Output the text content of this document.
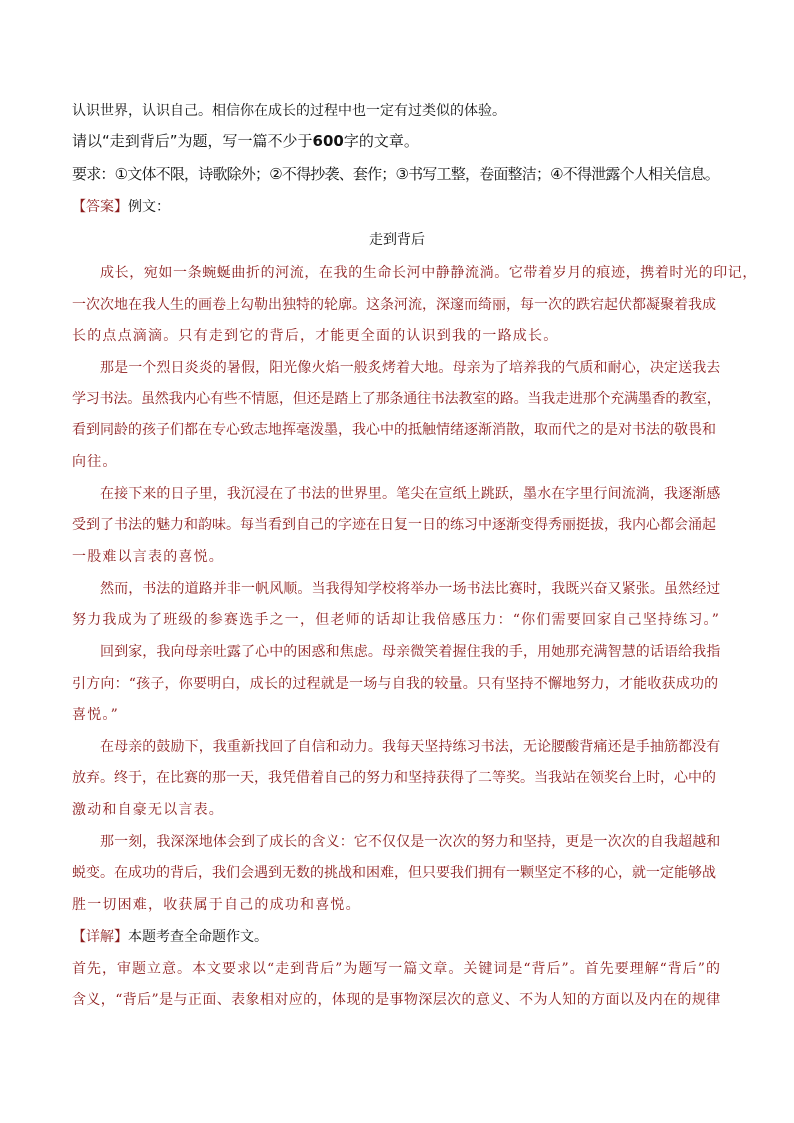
认识世界，认识自己。相信你在成长的过程中也一定有过类似的体验。
请以“走到背后”为题，写一篇不少于600字的文章。
要求：①文体不限，诗歌除外；②不得抄袭、套作；③书写工整，卷面整洁；④不得泄露个人相关信息。
【答案】例文：
走到背后
成长，宛如一条蜿蜒曲折的河流，在我的生命长河中静静流淌。它带着岁月的痕迹，携着时光的印记，
一次次地在我人生的画卷上勾勒出独特的轮廓。这条河流，深邃而绮丽，每一次的跌宕起伏都凝聚着我成
长的点点滴滴。只有走到它的背后，才能更全面的认识到我的一路成长。
那是一个烈日炎炎的暑假，阳光像火焰一般炙烤着大地。母亲为了培养我的气质和耐心，决定送我去
学习书法。虽然我内心有些不情愿，但还是踏上了那条通往书法教室的路。当我走进那个充满墨香的教室，
看到同龄的孩子们都在专心致志地挥毫泼墨，我心中的抵触情绪逐渐消散，取而代之的是对书法的敬畏和
向往。
在接下来的日子里，我沉浸在了书法的世界里。笔尖在宣纸上跳跃，墨水在字里行间流淌，我逐渐感
受到了书法的魅力和韵味。每当看到自己的字迹在日复一日的练习中逐渐变得秀丽挺拔，我内心都会涌起
一股难以言表的喜悦。
然而，书法的道路并非一帆风顺。当我得知学校将举办一场书法比赛时，我既兴奋又紧张。虽然经过
努力我成为了班级的参赛选手之一，但老师的话却让我倍感压力：“你们需要回家自己坚持练习。”
回到家，我向母亲吐露了心中的困惑和焦虑。母亲微笑着握住我的手，用她那充满智慧的话语给我指
引方向：“孩子，你要明白，成长的过程就是一场与自我的较量。只有坚持不懈地努力，才能收获成功的
喜悦。”
在母亲的鼓励下，我重新找回了自信和动力。我每天坚持练习书法，无论腰酸背痛还是手抽筋都没有
放弃。终于，在比赛的那一天，我凭借着自己的努力和坚持获得了二等奖。当我站在领奖台上时，心中的
激动和自豪无以言表。
那一刻，我深深地体会到了成长的含义：它不仅仅是一次次的努力和坚持，更是一次次的自我超越和
蜕变。在成功的背后，我们会遇到无数的挑战和困难，但只要我们拥有一颗坚定不移的心，就一定能够战
胜一切困难，收获属于自己的成功和喜悦。
【详解】本题考查全命题作文。
首先，审题立意。本文要求以“走到背后”为题写一篇文章。关键词是“背后”。首先要理解“背后”的
含义，“背后”是与正面、表象相对应的，体现的是事物深层次的意义、不为人知的方面以及内在的规律
